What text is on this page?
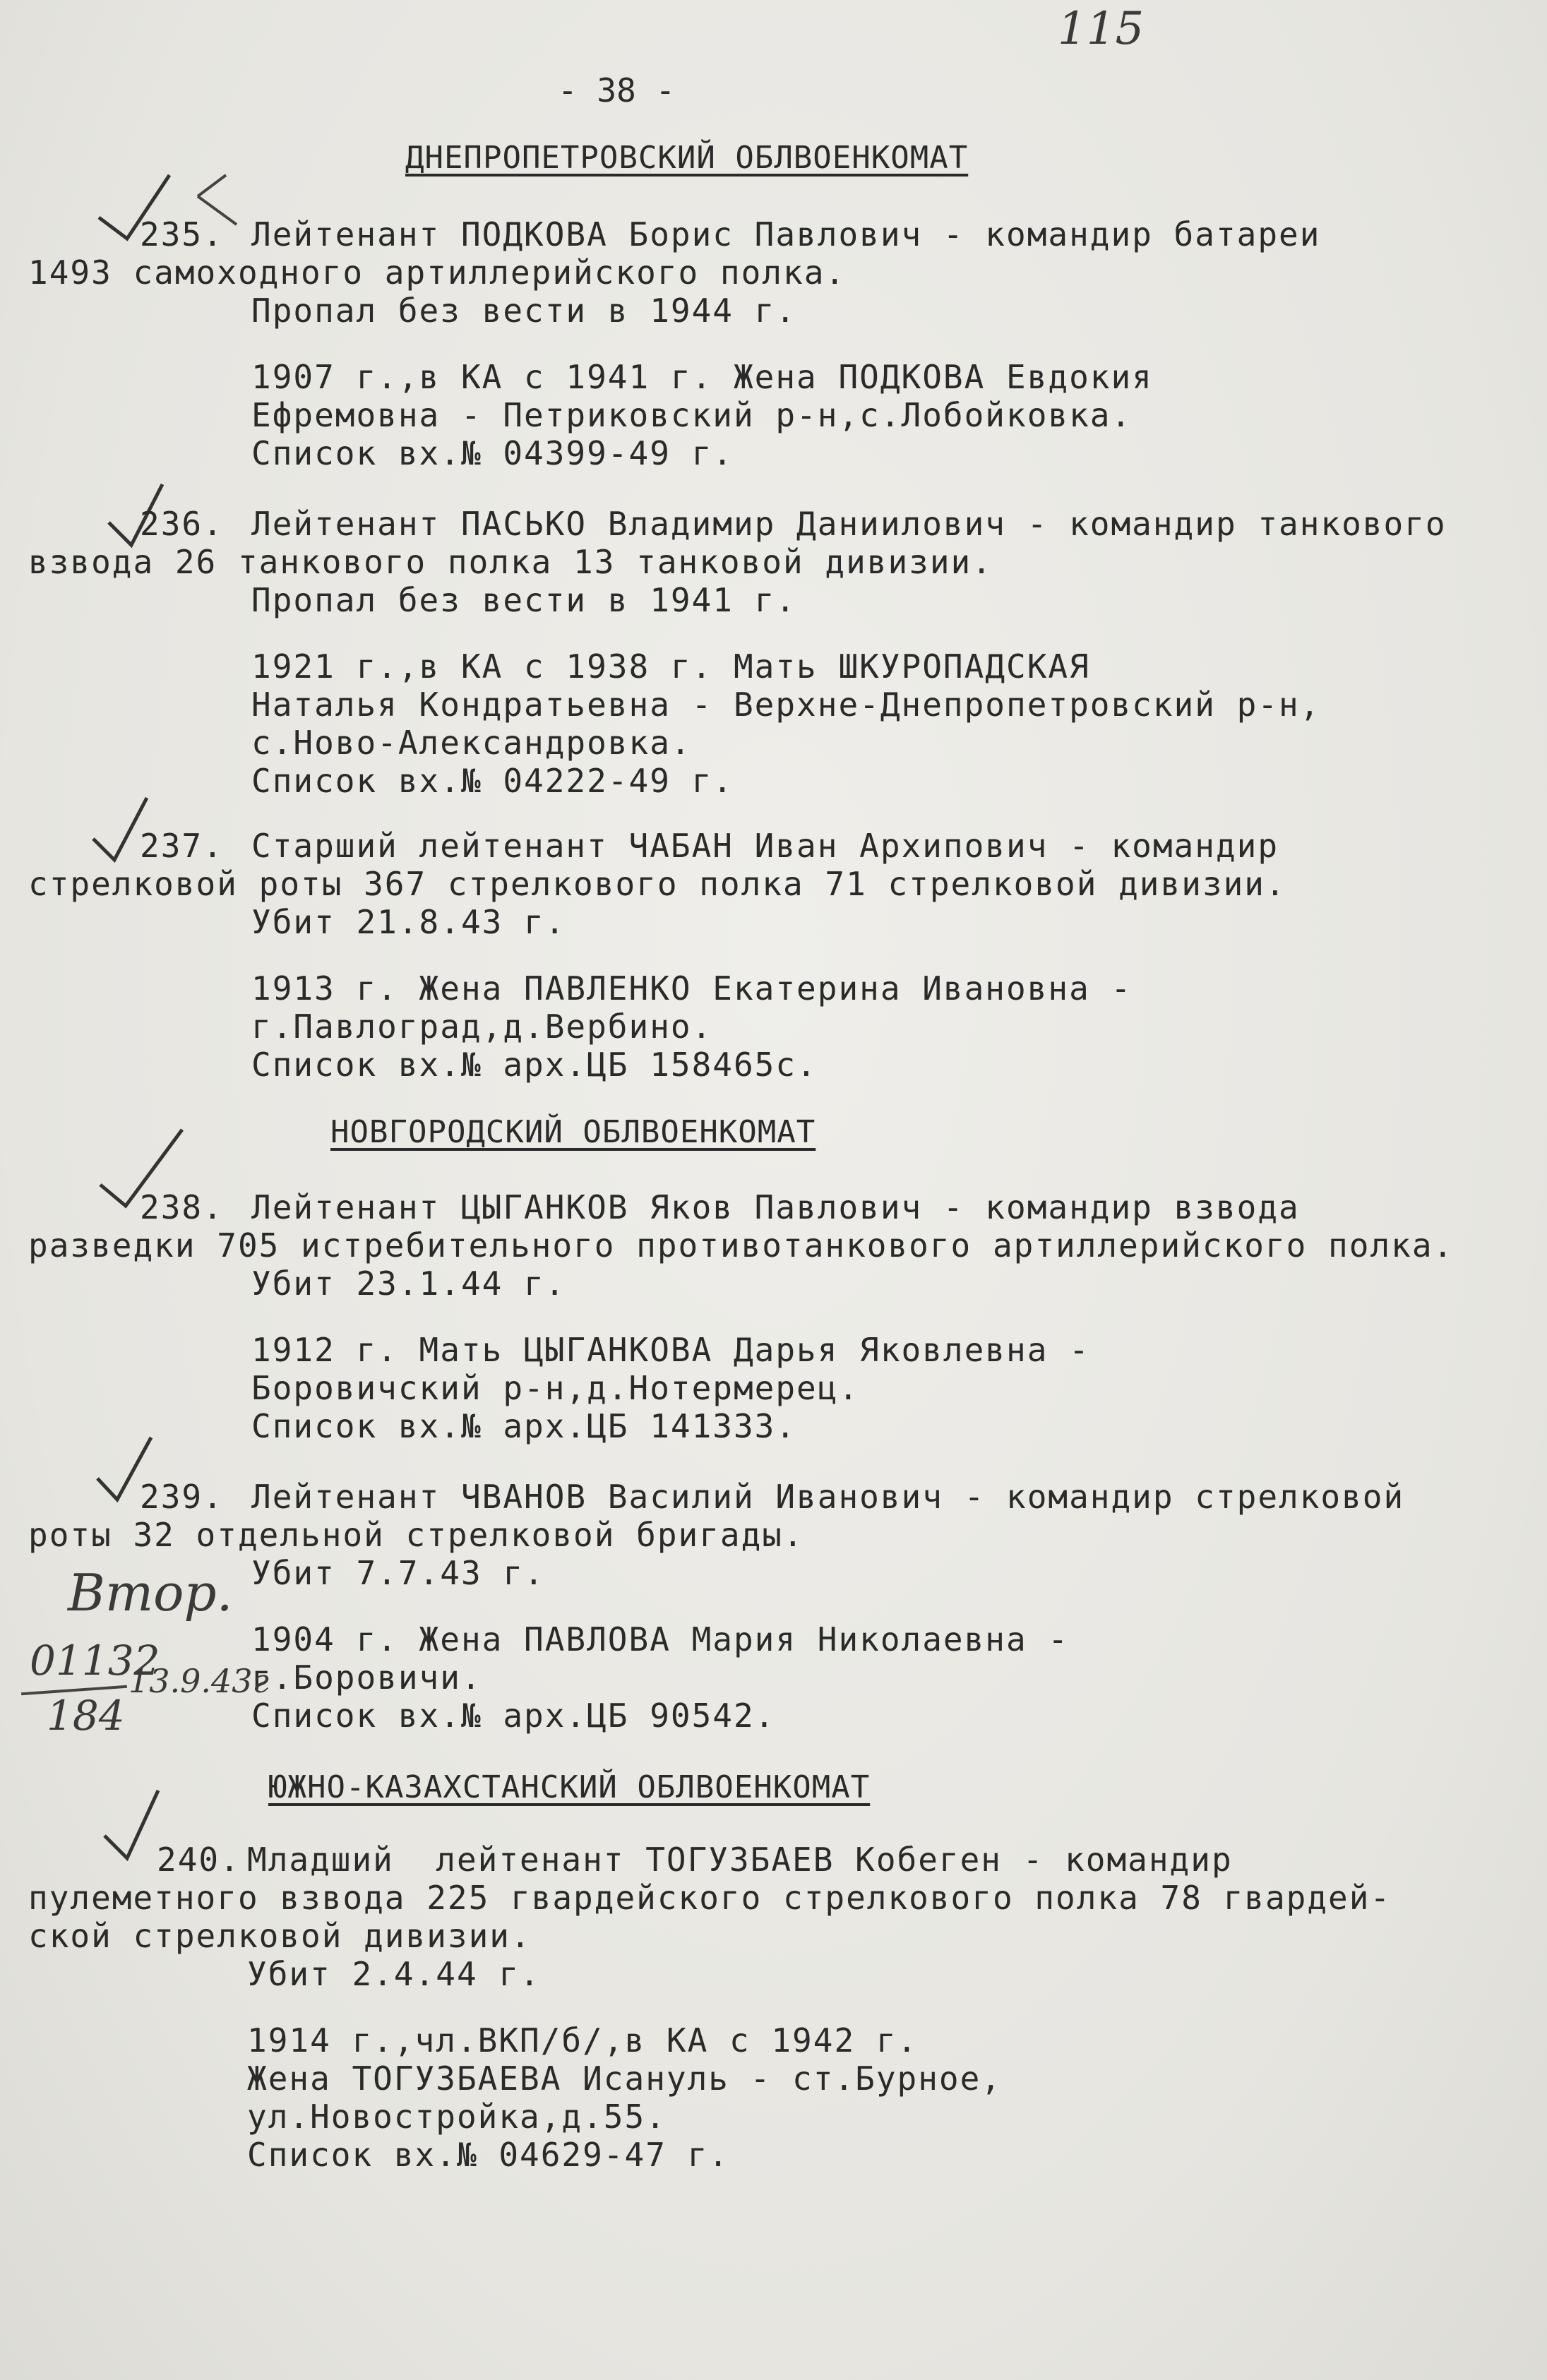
115
- 38 -
ДНЕПРОПЕТРОВСКИЙ ОБЛВОЕНКОМАТ
235. Лейтенант ПОДКОВА Борис Павлович - командир батареи
1493 самоходного артиллерийского полка.
Пропал без вести в 1944 г.
1907 г.,в КА с 1941 г. Жена ПОДКОВА Евдокия
Ефремовна - Петриковский р-н,с.Лобойковка.
Список вх.№ 04399-49 г.
236. Лейтенант ПАСЬКО Владимир Даниилович - командир танкового
взвода 26 танкового полка 13 танковой дивизии.
Пропал без вести в 1941 г.
1921 г.,в КА с 1938 г. Мать ШКУРОПАДСКАЯ
Наталья Кондратьевна - Верхне-Днепропетровский р-н,
с.Ново-Александровка.
Список вх.№ 04222-49 г.
237. Старший лейтенант ЧАБАН Иван Архипович - командир
стрелковой роты 367 стрелкового полка 71 стрелковой дивизии.
Убит 21.8.43 г.
1913 г. Жена ПАВЛЕНКО Екатерина Ивановна -
г.Павлоград,д.Вербино.
Список вх.№ арх.ЦБ 158465с.
НОВГОРОДСКИЙ ОБЛВОЕНКОМАТ
238. Лейтенант ЦЫГАНКОВ Яков Павлович - командир взвода
разведки 705 истребительного противотанкового артиллерийского полка.
Убит 23.1.44 г.
1912 г. Мать ЦЫГАНКОВА Дарья Яковлевна -
Боровичский р-н,д.Нотермерец.
Список вх.№ арх.ЦБ 141333.
239. Лейтенант ЧВАНОВ Василий Иванович - командир стрелковой
роты 32 отдельной стрелковой бригады.
Втор. Убит 7.7.43 г.
1904 г. Жена ПАВЛОВА Мария Николаевна -
г.Боровичи.
Список вх.№ арх.ЦБ 90542.
01132
184
13.9.43г
ЮЖНО-КАЗАХСТАНСКИЙ ОБЛВОЕНКОМАТ
240. Младший  лейтенант ТОГУЗБАЕВ Кобеген - командир
пулеметного взвода 225 гвардейского стрелкового полка 78 гвардей-
ской стрелковой дивизии.
Убит 2.4.44 г.
1914 г.,чл.ВКП/б/,в КА с 1942 г.
Жена ТОГУЗБАЕВА Исануль - ст.Бурное,
ул.Новостройка,д.55.
Список вх.№ 04629-47 г.
